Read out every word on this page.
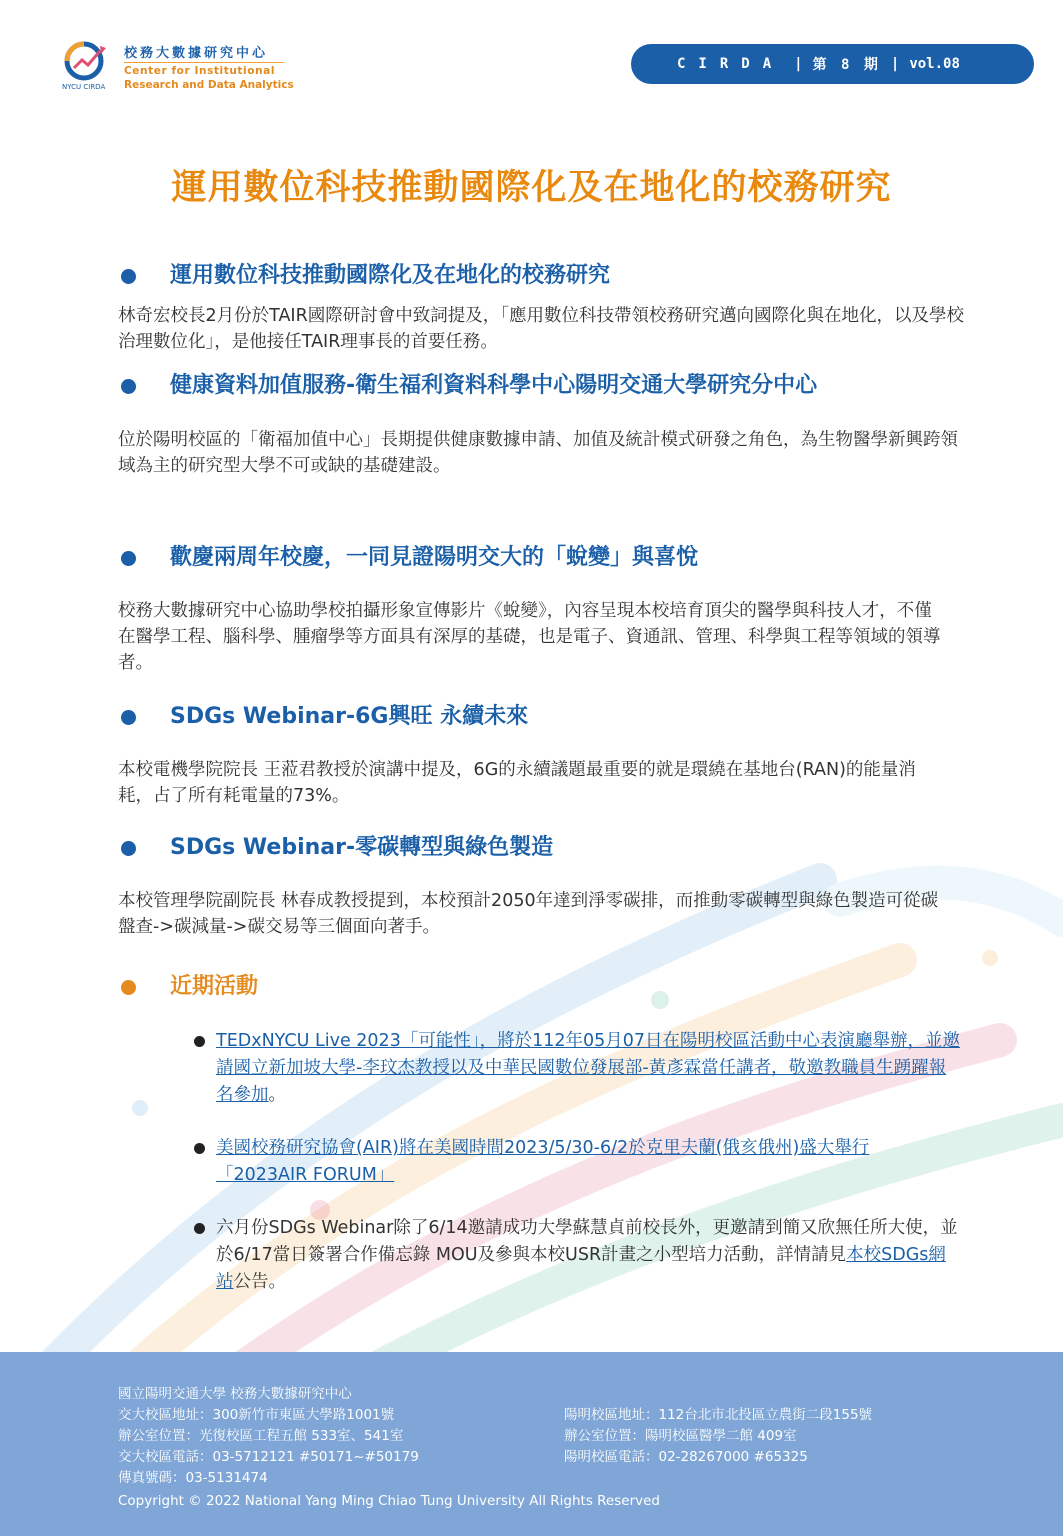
NYCU CIRDA
校務大數據研究中心
Center for Institutional
Research and Data Analytics
CIRDA | 第 8 期 | vol.08
運用數位科技推動國際化及在地化的校務研究
運用數位科技推動國際化及在地化的校務研究
林奇宏校長2月份於TAIR國際研討會中致詞提及，「應用數位科技帶領校務研究邁向國際化與在地化，以及學校治理數位化」，是他接任TAIR理事長的首要任務。
健康資料加值服務-衛生福利資料科學中心陽明交通大學研究分中心
位於陽明校區的「衛福加值中心」長期提供健康數據申請、加值及統計模式研發之角色，為生物醫學新興跨領域為主的研究型大學不可或缺的基礎建設。
歡慶兩周年校慶，一同見證陽明交大的「蛻變」與喜悅
校務大數據研究中心協助學校拍攝形象宣傳影片《蛻變》，內容呈現本校培育頂尖的醫學與科技人才，不僅在醫學工程、腦科學、腫瘤學等方面具有深厚的基礎，也是電子、資通訊、管理、科學與工程等領域的領導者。
SDGs Webinar-6G興旺 永續未來
本校電機學院院長 王蒞君教授於演講中提及，6G的永續議題最重要的就是環繞在基地台(RAN)的能量消耗，占了所有耗電量的73%。
SDGs Webinar-零碳轉型與綠色製造
本校管理學院副院長 林春成教授提到，本校預計2050年達到淨零碳排，而推動零碳轉型與綠色製造可從碳盤查->碳減量->碳交易等三個面向著手。
近期活動
TEDxNYCU Live 2023「可能性」，將於112年05月07日在陽明校區活動中心表演廳舉辦，並邀請國立新加坡大學-李玟杰教授以及中華民國數位發展部-黃彥霖當任講者，敬邀教職員生踴躍報名參加。
美國校務研究協會(AIR)將在美國時間2023/5/30-6/2於克里夫蘭(俄亥俄州)盛大舉行「2023AIR FORUM」
六月份SDGs Webinar除了6/14邀請成功大學蘇慧貞前校長外，更邀請到簡又欣無任所大使，並於6/17當日簽署合作備忘錄 MOU及參與本校USR計畫之小型培力活動，詳情請見本校SDGs網站公告。
國立陽明交通大學 校務大數據研究中心
交大校區地址：300新竹市東區大學路1001號
辦公室位置：光復校區工程五館 533室、541室
交大校區電話：03-5712121 #50171~#50179
傳真號碼：03-5131474
陽明校區地址：112台北市北投區立農街二段155號
辦公室位置：陽明校區醫學二館 409室
陽明校區電話：02-28267000 #65325
Copyright © 2022 National Yang Ming Chiao Tung University All Rights Reserved
